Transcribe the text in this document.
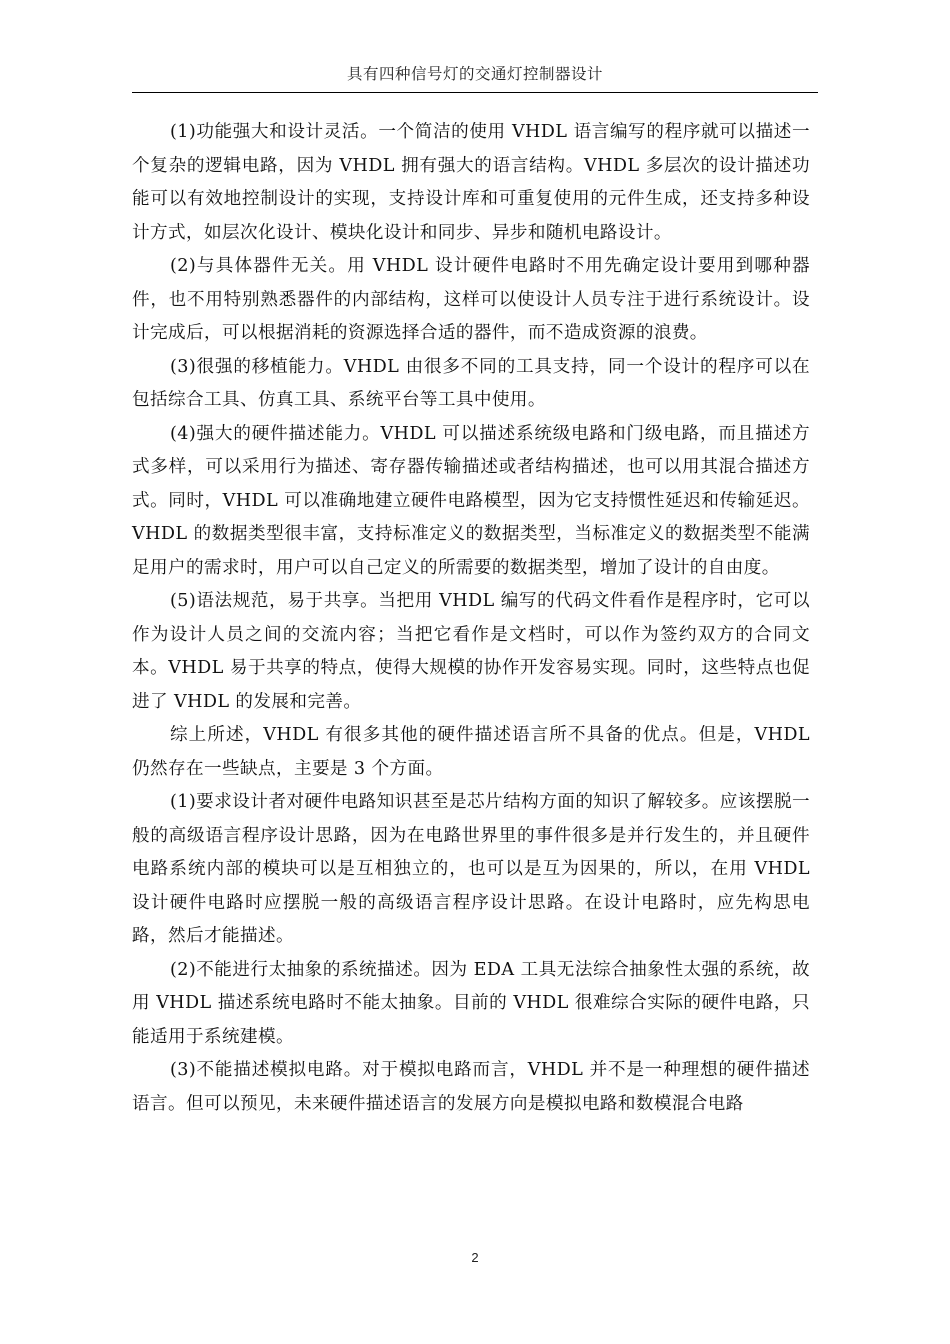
具有四种信号灯的交通灯控制器设计

(1)功能强大和设计灵活。一个简洁的使用 VHDL 语言编写的程序就可以描述一个复杂的逻辑电路，因为 VHDL 拥有强大的语言结构。VHDL 多层次的设计描述功能可以有效地控制设计的实现，支持设计库和可重复使用的元件生成，还支持多种设计方式，如层次化设计、模块化设计和同步、异步和随机电路设计。

(2)与具体器件无关。用 VHDL 设计硬件电路时不用先确定设计要用到哪种器件，也不用特别熟悉器件的内部结构，这样可以使设计人员专注于进行系统设计。设计完成后，可以根据消耗的资源选择合适的器件，而不造成资源的浪费。

(3)很强的移植能力。VHDL 由很多不同的工具支持，同一个设计的程序可以在包括综合工具、仿真工具、系统平台等工具中使用。

(4)强大的硬件描述能力。VHDL 可以描述系统级电路和门级电路，而且描述方式多样，可以采用行为描述、寄存器传输描述或者结构描述，也可以用其混合描述方式。同时，VHDL 可以准确地建立硬件电路模型，因为它支持惯性延迟和传输延迟。VHDL 的数据类型很丰富，支持标准定义的数据类型，当标准定义的数据类型不能满足用户的需求时，用户可以自己定义的所需要的数据类型，增加了设计的自由度。

(5)语法规范，易于共享。当把用 VHDL 编写的代码文件看作是程序时，它可以作为设计人员之间的交流内容；当把它看作是文档时，可以作为签约双方的合同文本。VHDL 易于共享的特点，使得大规模的协作开发容易实现。同时，这些特点也促进了 VHDL 的发展和完善。

综上所述，VHDL 有很多其他的硬件描述语言所不具备的优点。但是，VHDL 仍然存在一些缺点，主要是 3 个方面。

(1)要求设计者对硬件电路知识甚至是芯片结构方面的知识了解较多。应该摆脱一般的高级语言程序设计思路，因为在电路世界里的事件很多是并行发生的，并且硬件电路系统内部的模块可以是互相独立的，也可以是互为因果的，所以，在用 VHDL 设计硬件电路时应摆脱一般的高级语言程序设计思路。在设计电路时，应先构思电路，然后才能描述。

(2)不能进行太抽象的系统描述。因为 EDA 工具无法综合抽象性太强的系统，故用 VHDL 描述系统电路时不能太抽象。目前的 VHDL 很难综合实际的硬件电路，只能适用于系统建模。

(3)不能描述模拟电路。对于模拟电路而言，VHDL 并不是一种理想的硬件描述语言。但可以预见，未来硬件描述语言的发展方向是模拟电路和数模混合电路

2
